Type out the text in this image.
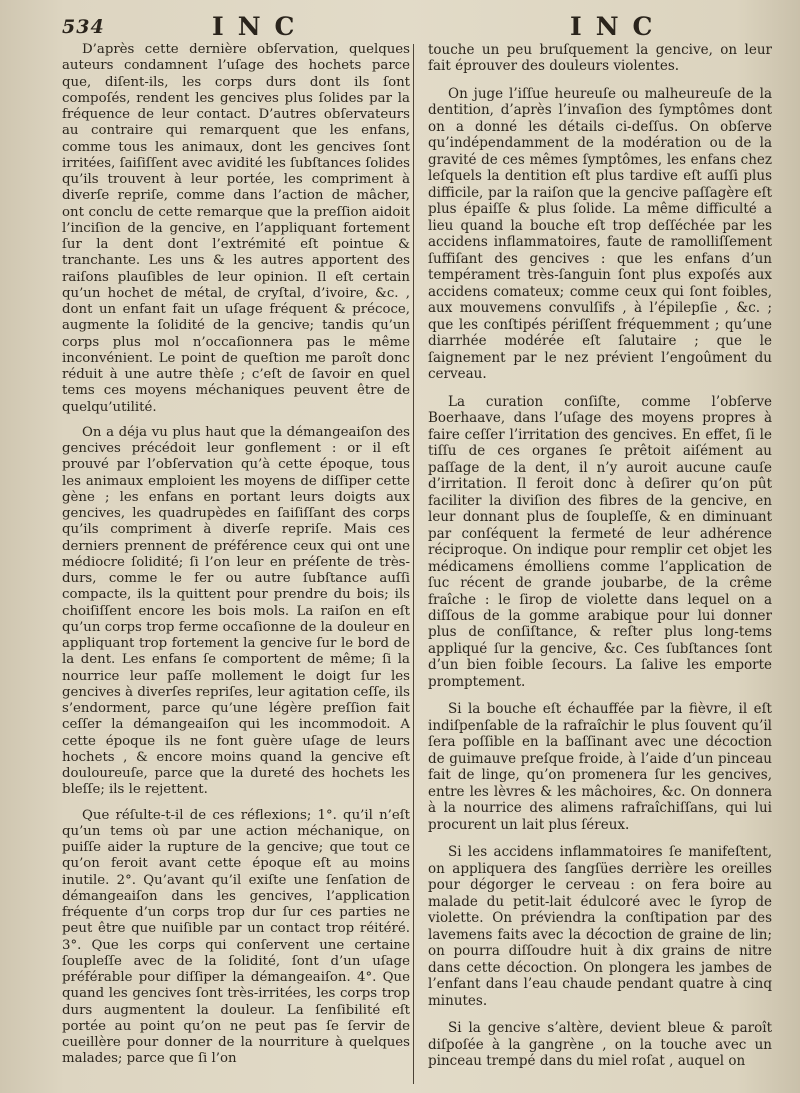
534	INC	INC

D’après cette dernière obſervation, quelques auteurs condamnent l’uſage des hochets parce que, diſent-ils, les corps durs dont ils ſont compoſés, rendent les gencives plus ſolides par la fréquence de leur contact. D’autres obſervateurs au contraire qui remarquent que les enfans, comme tous les animaux, dont les gencives ſont irritées, ſaiſiſſent avec avidité les ſubſtances ſolides qu’ils trouvent à leur portée, les compriment à diverſe repriſe, comme dans l’action de mâcher, ont conclu de cette remarque que la preſſion aidoit l’inciſion de la gencive, en l’appliquant fortement ſur la dent dont l’extrémité eſt pointue & tranchante. Les uns & les autres apportent des raiſons plauſibles de leur opinion. Il eſt certain qu’un hochet de métal, de cryſtal, d’ivoire, &c. , dont un enfant fait un uſage fréquent & précoce, augmente la ſolidité de la gencive; tandis qu’un corps plus mol n’occaſionnera pas le même inconvénient. Le point de queſtion me paroît donc réduit à une autre thèſe ; c’eſt de ſavoir en quel tems ces moyens méchaniques peuvent être de quelqu’utilité.

On a déja vu plus haut que la démangeaiſon des gencives précédoit leur gonflement : or il eſt prouvé par l’obſervation qu’à cette époque, tous les animaux emploient les moyens de diſſiper cette gène ; les enfans en portant leurs doigts aux gencives, les quadrupèdes en ſaiſiſſant des corps qu’ils compriment à diverſe repriſe. Mais ces derniers prennent de préférence ceux qui ont une médiocre ſolidité; ſi l’on leur en préſente de très-durs, comme le fer ou autre ſubſtance auſſi compacte, ils la quittent pour prendre du bois; ils choiſiſſent encore les bois mols. La raiſon en eſt qu’un corps trop ferme occaſionne de la douleur en appliquant trop fortement la gencive ſur le bord de la dent. Les enfans ſe comportent de même; ſi la nourrice leur paſſe mollement le doigt ſur les gencives à diverſes repriſes, leur agitation ceſſe, ils s’endorment, parce qu’une légère preſſion fait ceſſer la démangeaiſon qui les incommodoit. A cette époque ils ne font guère uſage de leurs hochets , & encore moins quand la gencive eſt douloureuſe, parce que la dureté des hochets les bleſſe; ils le rejettent.

Que réſulte-t-il de ces réflexions; 1°. qu’il n’eſt qu’un tems où par une action méchanique, on puiſſe aider la rupture de la gencive; que tout ce qu’on feroit avant cette époque eſt au moins inutile. 2°. Qu’avant qu’il exiſte une ſenſation de démangeaiſon dans les gencives, l’application fréquente d’un corps trop dur ſur ces parties ne peut être que nuiſible par un contact trop réitéré. 3°. Que les corps qui conſervent une certaine ſoupleſſe avec de la ſolidité, ſont d’un uſage préférable pour diſſiper la démangeaiſon. 4°. Que quand les gencives ſont très-irritées, les corps trop durs augmentent la douleur. La ſenſibilité eſt portée au point qu’on ne peut pas ſe ſervir de cueillère pour donner de la nourriture à quelques malades; parce que ſi l’on

touche un peu bruſquement la gencive, on leur fait éprouver des douleurs violentes.

On juge l’iſſue heureuſe ou malheureuſe de la dentition, d’après l’invaſion des ſymptômes dont on a donné les détails ci-deſſus. On obſerve qu’indépendamment de la modération ou de la gravité de ces mêmes ſymptômes, les enfans chez leſquels la dentition eſt plus tardive eſt auſſi plus difficile, par la raiſon que la gencive paſſagère eſt plus épaiſſe & plus ſolide. La même difficulté a lieu quand la bouche eſt trop deſſéchée par les accidens inflammatoires, faute de ramolliſſement ſuffiſant des gencives : que les enfans d’un tempérament très-ſanguin ſont plus expoſés aux accidens comateux; comme ceux qui ſont foibles, aux mouvemens convulſifs , à l’épilepſie , &c. ; que les conſtipés périſſent fréquemment ; qu’une diarrhée modérée eſt ſalutaire ; que le ſaignement par le nez prévient l’engoûment du cerveau.

La curation conſiſte, comme l’obſerve Boerhaave, dans l’uſage des moyens propres à faire ceſſer l’irritation des gencives. En effet, ſi le tiſſu de ces organes ſe prêtoit aiſément au paſſage de la dent, il n’y auroit aucune cauſe d’irritation. Il feroit donc à deſirer qu’on pût faciliter la diviſion des fibres de la gencive, en leur donnant plus de ſoupleſſe, & en diminuant par conſéquent la fermeté de leur adhérence réciproque. On indique pour remplir cet objet les médicamens émolliens comme l’application de ſuc récent de grande joubarbe, de la crême fraîche : le ſirop de violette dans lequel on a diſſous de la gomme arabique pour lui donner plus de conſiſtance, & reſter plus long-tems appliqué ſur la gencive, &c. Ces ſubſtances ſont d’un bien foible ſecours. La ſalive les emporte promptement.

Si la bouche eſt échauffée par la fièvre, il eſt indiſpenſable de la rafraîchir le plus ſouvent qu’il ſera poſſible en la baſſinant avec une décoction de guimauve preſque froide, à l’aide d’un pinceau fait de linge, qu’on promenera ſur les gencives, entre les lèvres & les mâchoires, &c. On donnera à la nourrice des alimens rafraîchiſſans, qui lui procurent un lait plus ſéreux.

Si les accidens inflammatoires ſe manifeſtent, on appliquera des ſangſües derrière les oreilles pour dégorger le cerveau : on fera boire au malade du petit-lait édulcoré avec le ſyrop de violette. On préviendra la conſtipation par des lavemens faits avec la décoction de graine de lin; on pourra diſſoudre huit à dix grains de nitre dans cette décoction. On plongera les jambes de l’enfant dans l’eau chaude pendant quatre à cinq minutes.

Si la gencive s’altère, devient bleue & paroît diſpoſée à la gangrène , on la touche avec un pinceau trempé dans du miel roſat , auquel on
